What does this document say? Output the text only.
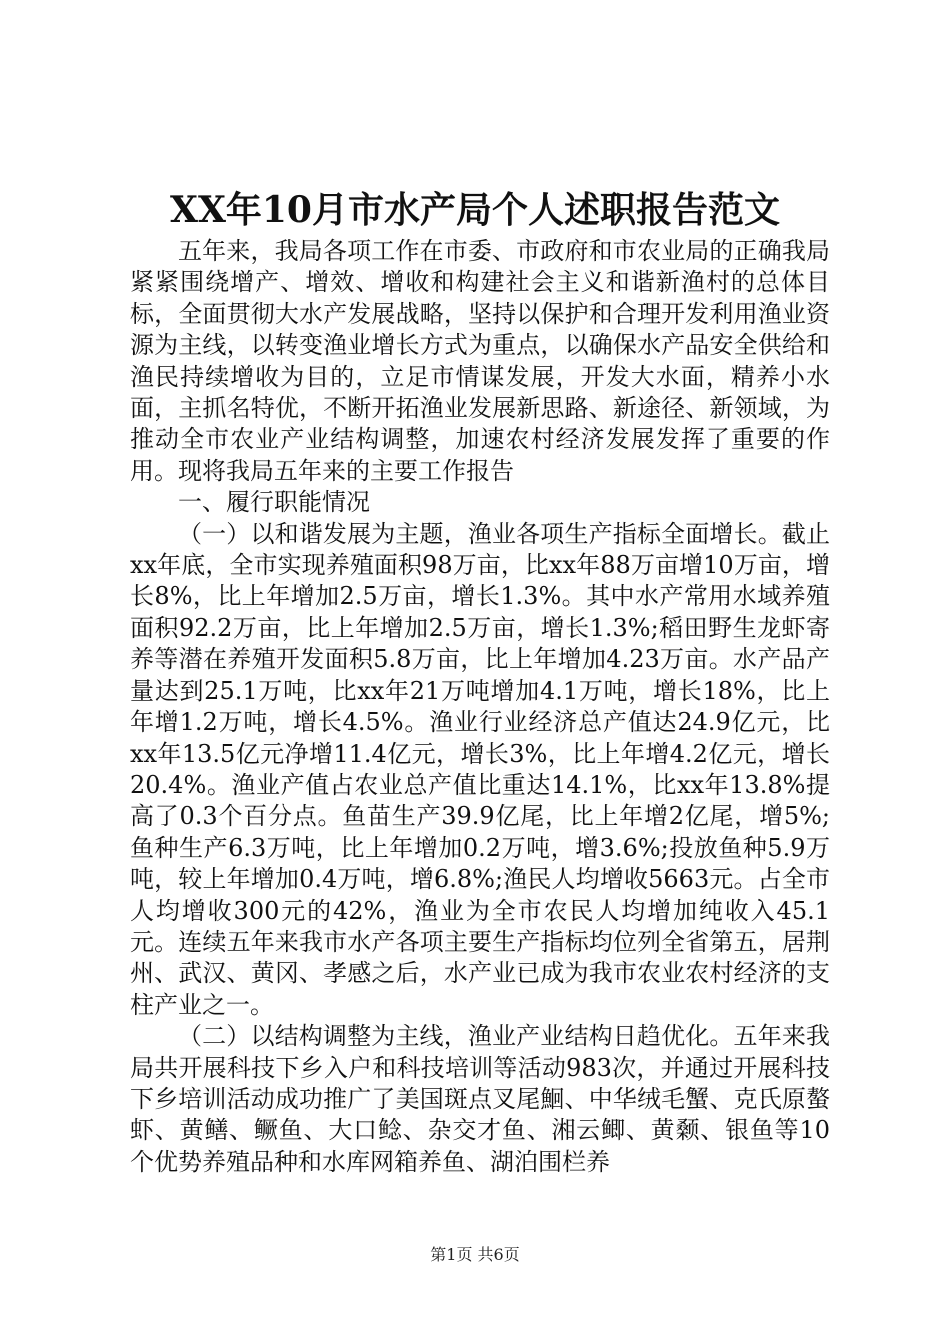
XX年10月市水产局个人述职报告范文

五年来，我局各项工作在市委、市政府和市农业局的正确我局紧紧围绕增产、增效、增收和构建社会主义和谐新渔村的总体目标，全面贯彻大水产发展战略，坚持以保护和合理开发利用渔业资源为主线，以转变渔业增长方式为重点，以确保水产品安全供给和渔民持续增收为目的，立足市情谋发展，开发大水面，精养小水面，主抓名特优，不断开拓渔业发展新思路、新途径、新领域，为推动全市农业产业结构调整，加速农村经济发展发挥了重要的作用。现将我局五年来的主要工作报告

一、履行职能情况

（一）以和谐发展为主题，渔业各项生产指标全面增长。截止xx年底，全市实现养殖面积98万亩，比xx年88万亩增10万亩，增长8%，比上年增加2.5万亩，增长1.3%。其中水产常用水域养殖面积92.2万亩，比上年增加2.5万亩，增长1.3%;稻田野生龙虾寄养等潜在养殖开发面积5.8万亩，比上年增加4.23万亩。水产品产量达到25.1万吨，比xx年21万吨增加4.1万吨，增长18%，比上年增1.2万吨，增长4.5%。渔业行业经济总产值达24.9亿元，比xx年13.5亿元净增11.4亿元，增长3%，比上年增4.2亿元，增长20.4%。渔业产值占农业总产值比重达14.1%，比xx年13.8%提高了0.3个百分点。鱼苗生产39.9亿尾，比上年增2亿尾，增5%;鱼种生产6.3万吨，比上年增加0.2万吨，增3.6%;投放鱼种5.9万吨，较上年增加0.4万吨，增6.8%;渔民人均增收5663元。占全市人均增收300元的42%，渔业为全市农民人均增加纯收入45.1元。连续五年来我市水产各项主要生产指标均位列全省第五，居荆州、武汉、黄冈、孝感之后，水产业已成为我市农业农村经济的支柱产业之一。

（二）以结构调整为主线，渔业产业结构日趋优化。五年来我局共开展科技下乡入户和科技培训等活动983次，并通过开展科技下乡培训活动成功推广了美国斑点叉尾鮰、中华绒毛蟹、克氏原螯虾、黄鳝、鳜鱼、大口鲶、杂交才鱼、湘云鲫、黄颡、银鱼等10个优势养殖品种和水库网箱养鱼、湖泊围栏养

第1页 共6页
